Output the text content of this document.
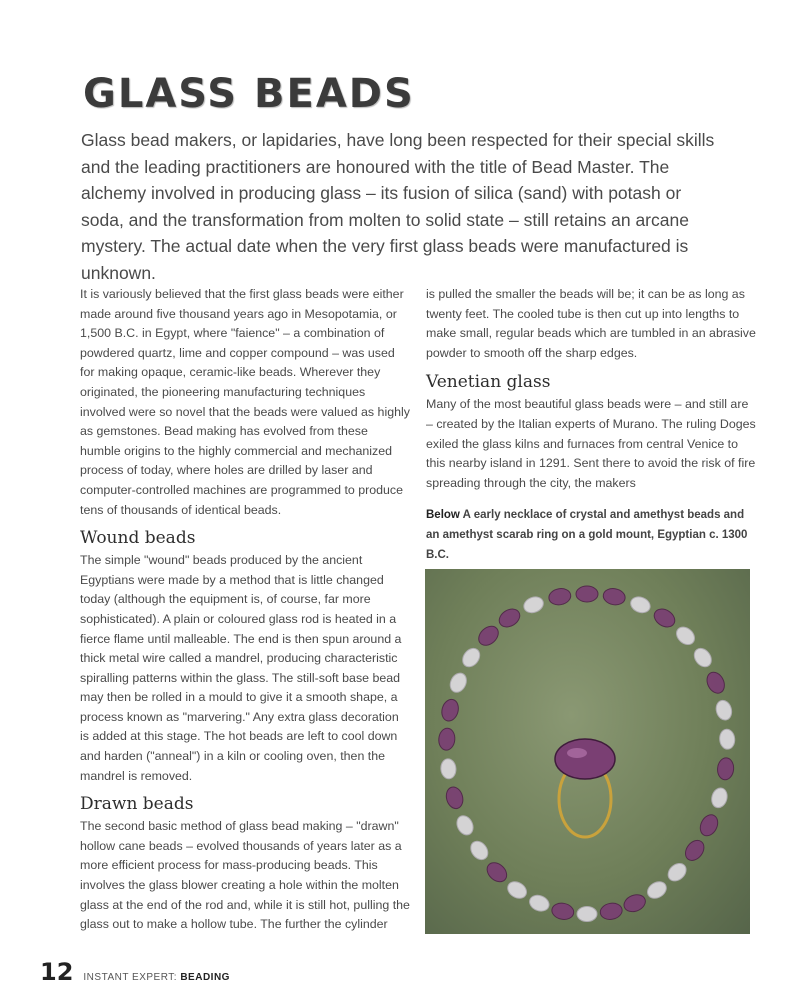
GLASS BEADS

Glass bead makers, or lapidaries, have long been respected for their special skills and the leading practitioners are honoured with the title of Bead Master. The alchemy involved in producing glass – its fusion of silica (sand) with potash or soda, and the transformation from molten to solid state – still retains an arcane mystery. The actual date when the very first glass beads were manufactured is unknown.

It is variously believed that the first glass beads were either made around five thousand years ago in Mesopotamia, or 1,500 B.C. in Egypt, where "faience" – a combination of powdered quartz, lime and copper compound – was used for making opaque, ceramic-like beads. Wherever they originated, the pioneering manufacturing techniques involved were so novel that the beads were valued as highly as gemstones. Bead making has evolved from these humble origins to the highly commercial and mechanized process of today, where holes are drilled by laser and computer-controlled machines are programmed to produce tens of thousands of identical beads.

Wound beads

The simple "wound" beads produced by the ancient Egyptians were made by a method that is little changed today (although the equipment is, of course, far more sophisticated). A plain or coloured glass rod is heated in a fierce flame until malleable. The end is then spun around a thick metal wire called a mandrel, producing characteristic spiralling patterns within the glass. The still-soft base bead may then be rolled in a mould to give it a smooth shape, a process known as "marvering." Any extra glass decoration is added at this stage. The hot beads are left to cool down and harden ("anneal") in a kiln or cooling oven, then the mandrel is removed.

Drawn beads

The second basic method of glass bead making – "drawn" hollow cane beads – evolved thousands of years later as a more efficient process for mass-producing beads. This involves the glass blower creating a hole within the molten glass at the end of the rod and, while it is still hot, pulling the glass out to make a hollow tube. The further the cylinder

is pulled the smaller the beads will be; it can be as long as twenty feet. The cooled tube is then cut up into lengths to make small, regular beads which are tumbled in an abrasive powder to smooth off the sharp edges.

Venetian glass

Many of the most beautiful glass beads were – and still are – created by the Italian experts of Murano. The ruling Doges exiled the glass kilns and furnaces from central Venice to this nearby island in 1291. Sent there to avoid the risk of fire spreading through the city, the makers

Below A early necklace of crystal and amethyst beads and an amethyst scarab ring on a gold mount, Egyptian c. 1300 B.C.

12 INSTANT EXPERT: BEADING
